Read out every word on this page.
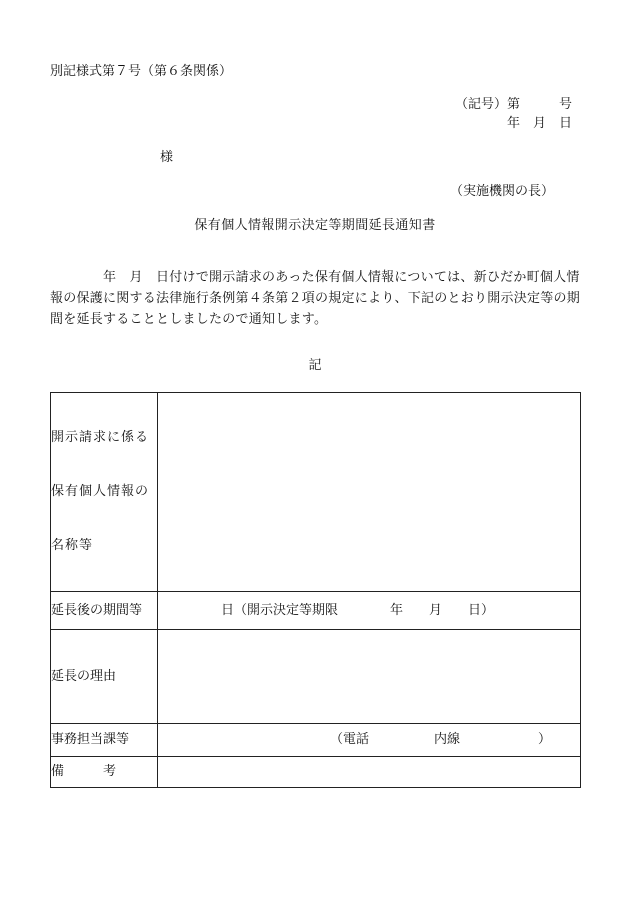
別記様式第７号（第６条関係）
（記号）第　　　号
年　月　日
様
（実施機関の長）
保有個人情報開示決定等期間延長通知書
　　　　年　月　日付けで開示請求のあった保有個人情報については、新ひだか町個人情
報の保護に関する法律施行条例第４条第２項の規定により、下記のとおり開示決定等の期
間を延長することとしましたので通知します。
記

開示請求に係る

保有個人情報の

名称等	

延長後の期間等	日（開示決定等期限　　　　年　　月　　日）
延長の理由	
事務担当課等	（電話　　　　　内線　　　　　　）
備　　　考	
